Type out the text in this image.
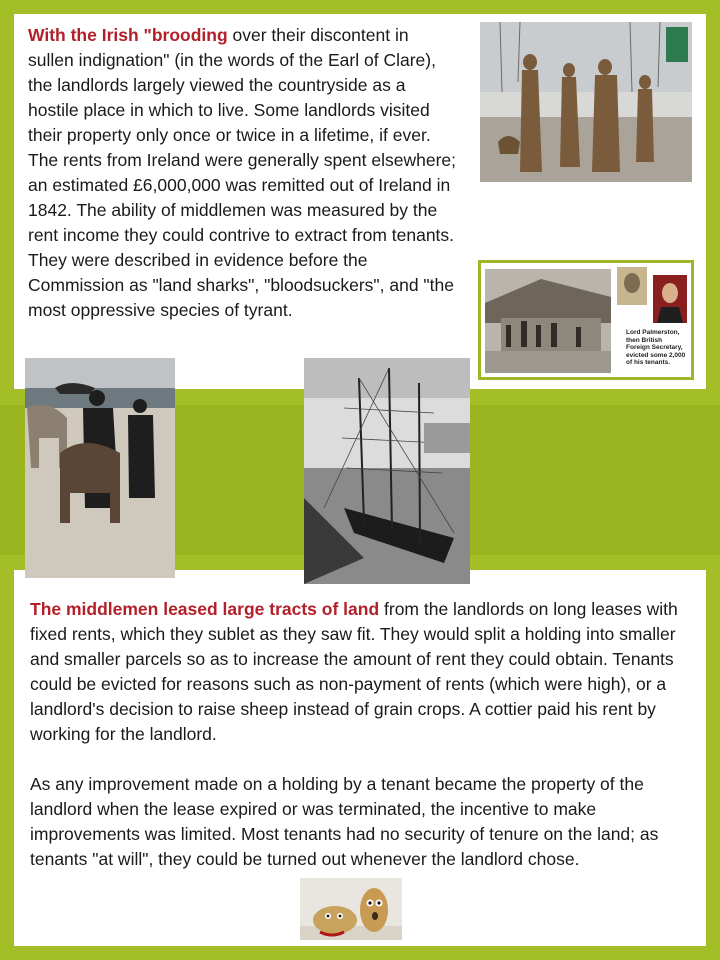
With the Irish "brooding over their discontent in sullen indignation" (in the words of the Earl of Clare), the landlords largely viewed the countryside as a hostile place in which to live. Some landlords visited their property only once or twice in a lifetime, if ever. The rents from Ireland were generally spent elsewhere; an estimated £6,000,000 was remitted out of Ireland in 1842. The ability of middlemen was measured by the rent income they could contrive to extract from tenants. They were described in evidence before the Commission as "land sharks", "bloodsuckers", and "the most oppressive species of tyrant.
Lord Palmerston, then British Foreign Secretary, evicted some 2,000 of his tenants.
The middlemen leased large tracts of land from the landlords on long leases with fixed rents, which they sublet as they saw fit. They would split a holding into smaller and smaller parcels so as to increase the amount of rent they could obtain. Tenants could be evicted for reasons such as non-payment of rents (which were high), or a landlord's decision to raise sheep instead of grain crops. A cottier paid his rent by working for the landlord.
As any improvement made on a holding by a tenant became the property of the landlord when the lease expired or was terminated, the incentive to make improvements was limited. Most tenants had no security of tenure on the land; as tenants "at will", they could be turned out whenever the landlord chose.
